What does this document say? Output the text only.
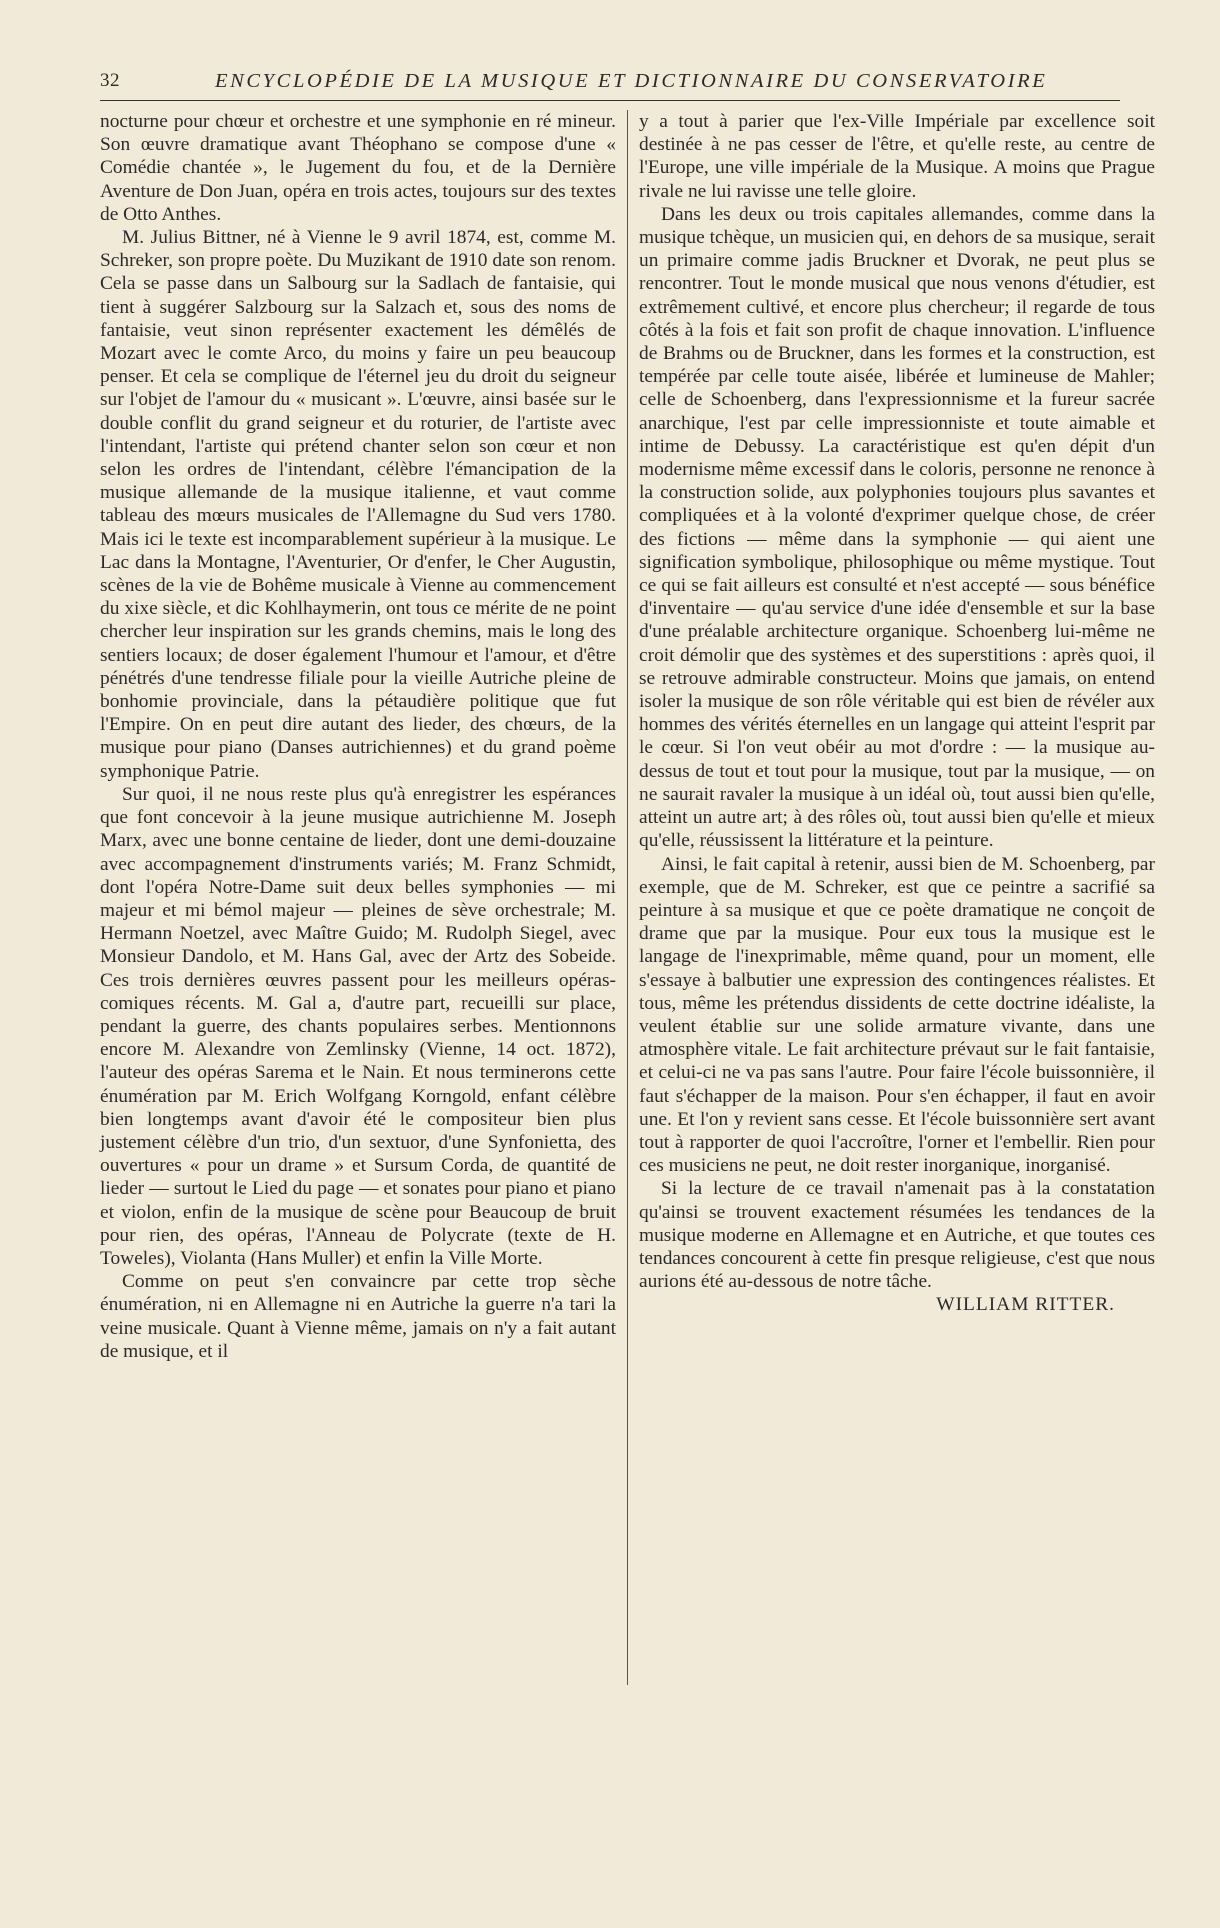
32	ENCYCLOPÉDIE DE LA MUSIQUE ET DICTIONNAIRE DU CONSERVATOIRE

nocturne pour chœur et orchestre et une symphonie en ré mineur. Son œuvre dramatique avant Théophano se compose d'une « Comédie chantée », le Jugement du fou, et de la Dernière Aventure de Don Juan, opéra en trois actes, toujours sur des textes de Otto Anthes.

M. Julius Bittner, né à Vienne le 9 avril 1874, est, comme M. Schreker, son propre poète. Du Muzikant de 1910 date son renom. Cela se passe dans un Salbourg sur la Sadlach de fantaisie, qui tient à suggérer Salzbourg sur la Salzach et, sous des noms de fantaisie, veut sinon représenter exactement les démêlés de Mozart avec le comte Arco, du moins y faire un peu beaucoup penser. Et cela se complique de l'éternel jeu du droit du seigneur sur l'objet de l'amour du « musicant ». L'œuvre, ainsi basée sur le double conflit du grand seigneur et du roturier, de l'artiste avec l'intendant, l'artiste qui prétend chanter selon son cœur et non selon les ordres de l'intendant, célèbre l'émancipation de la musique allemande de la musique italienne, et vaut comme tableau des mœurs musicales de l'Allemagne du Sud vers 1780. Mais ici le texte est incomparablement supérieur à la musique. Le Lac dans la Montagne, l'Aventurier, Or d'enfer, le Cher Augustin, scènes de la vie de Bohême musicale à Vienne au commencement du xixe siècle, et dic Kohlhaymerin, ont tous ce mérite de ne point chercher leur inspiration sur les grands chemins, mais le long des sentiers locaux; de doser également l'humour et l'amour, et d'être pénétrés d'une tendresse filiale pour la vieille Autriche pleine de bonhomie provinciale, dans la pétaudière politique que fut l'Empire. On en peut dire autant des lieder, des chœurs, de la musique pour piano (Danses autrichiennes) et du grand poème symphonique Patrie.

Sur quoi, il ne nous reste plus qu'à enregistrer les espérances que font concevoir à la jeune musique autrichienne M. Joseph Marx, avec une bonne centaine de lieder, dont une demi-douzaine avec accompagnement d'instruments variés; M. Franz Schmidt, dont l'opéra Notre-Dame suit deux belles symphonies — mi majeur et mi bémol majeur — pleines de sève orchestrale; M. Hermann Noetzel, avec Maître Guido; M. Rudolph Siegel, avec Monsieur Dandolo, et M. Hans Gal, avec der Artz des Sobeide. Ces trois dernières œuvres passent pour les meilleurs opéras-comiques récents. M. Gal a, d'autre part, recueilli sur place, pendant la guerre, des chants populaires serbes. Mentionnons encore M. Alexandre von Zemlinsky (Vienne, 14 oct. 1872), l'auteur des opéras Sarema et le Nain. Et nous terminerons cette énumération par M. Erich Wolfgang Korngold, enfant célèbre bien longtemps avant d'avoir été le compositeur bien plus justement célèbre d'un trio, d'un sextuor, d'une Synfonietta, des ouvertures « pour un drame » et Sursum Corda, de quantité de lieder — surtout le Lied du page — et sonates pour piano et piano et violon, enfin de la musique de scène pour Beaucoup de bruit pour rien, des opéras, l'Anneau de Polycrate (texte de H. Toweles), Violanta (Hans Muller) et enfin la Ville Morte.

Comme on peut s'en convaincre par cette trop sèche énumération, ni en Allemagne ni en Autriche la guerre n'a tari la veine musicale. Quant à Vienne même, jamais on n'y a fait autant de musique, et il

y a tout à parier que l'ex-Ville Impériale par excellence soit destinée à ne pas cesser de l'être, et qu'elle reste, au centre de l'Europe, une ville impériale de la Musique. A moins que Prague rivale ne lui ravisse une telle gloire.

Dans les deux ou trois capitales allemandes, comme dans la musique tchèque, un musicien qui, en dehors de sa musique, serait un primaire comme jadis Bruckner et Dvorak, ne peut plus se rencontrer. Tout le monde musical que nous venons d'étudier, est extrêmement cultivé, et encore plus chercheur; il regarde de tous côtés à la fois et fait son profit de chaque innovation. L'influence de Brahms ou de Bruckner, dans les formes et la construction, est tempérée par celle toute aisée, libérée et lumineuse de Mahler; celle de Schoenberg, dans l'expressionnisme et la fureur sacrée anarchique, l'est par celle impressionniste et toute aimable et intime de Debussy. La caractéristique est qu'en dépit d'un modernisme même excessif dans le coloris, personne ne renonce à la construction solide, aux polyphonies toujours plus savantes et compliquées et à la volonté d'exprimer quelque chose, de créer des fictions — même dans la symphonie — qui aient une signification symbolique, philosophique ou même mystique. Tout ce qui se fait ailleurs est consulté et n'est accepté — sous bénéfice d'inventaire — qu'au service d'une idée d'ensemble et sur la base d'une préalable architecture organique. Schoenberg lui-même ne croit démolir que des systèmes et des superstitions : après quoi, il se retrouve admirable constructeur. Moins que jamais, on entend isoler la musique de son rôle véritable qui est bien de révéler aux hommes des vérités éternelles en un langage qui atteint l'esprit par le cœur. Si l'on veut obéir au mot d'ordre : — la musique au-dessus de tout et tout pour la musique, tout par la musique, — on ne saurait ravaler la musique à un idéal où, tout aussi bien qu'elle, atteint un autre art; à des rôles où, tout aussi bien qu'elle et mieux qu'elle, réussissent la littérature et la peinture.

Ainsi, le fait capital à retenir, aussi bien de M. Schoenberg, par exemple, que de M. Schreker, est que ce peintre a sacrifié sa peinture à sa musique et que ce poète dramatique ne conçoit de drame que par la musique. Pour eux tous la musique est le langage de l'inexprimable, même quand, pour un moment, elle s'essaye à balbutier une expression des contingences réalistes. Et tous, même les prétendus dissidents de cette doctrine idéaliste, la veulent établie sur une solide armature vivante, dans une atmosphère vitale. Le fait architecture prévaut sur le fait fantaisie, et celui-ci ne va pas sans l'autre. Pour faire l'école buissonnière, il faut s'échapper de la maison. Pour s'en échapper, il faut en avoir une. Et l'on y revient sans cesse. Et l'école buissonnière sert avant tout à rapporter de quoi l'accroître, l'orner et l'embellir. Rien pour ces musiciens ne peut, ne doit rester inorganique, inorganisé.

Si la lecture de ce travail n'amenait pas à la constatation qu'ainsi se trouvent exactement résumées les tendances de la musique moderne en Allemagne et en Autriche, et que toutes ces tendances concourent à cette fin presque religieuse, c'est que nous aurions été au-dessous de notre tâche.

WILLIAM RITTER.
